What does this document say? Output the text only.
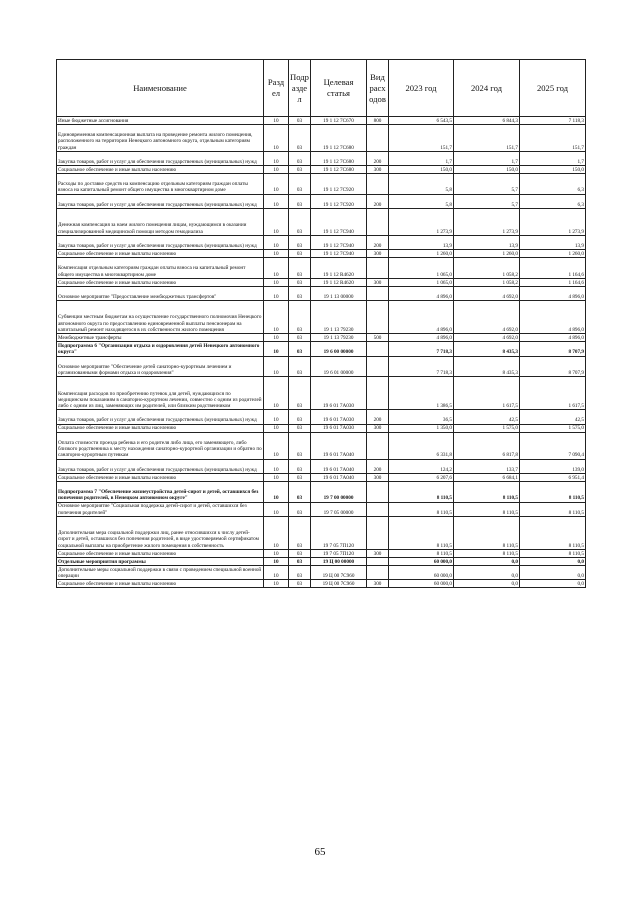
Наименование	Разд ел	Подр азде л	Целевая статья	Вид расх одов	2023 год	2024 год	2025 год
Иные бюджетные ассигнования	10	03	19 1 12 7С670	800	6 543,5	6 844,3	7 118,3
Единовременная компенсационная выплата на проведение ремонта жилого помещения, расположенного на территории Ненецкого автономного округа, отдельным категориям граждан	10	03	19 1 12 7С680		151,7	151,7	151,7
Закупка товаров, работ и услуг для обеспечения государственных (муниципальных) нужд	10	03	19 1 12 7С680	200	1,7	1,7	1,7
Социальное обеспечение и иные выплаты населению	10	03	19 1 12 7С680	300	150,0	150,0	150,0
Расходы по доставке средств на компенсацию отдельным категориям граждан оплаты взноса на капитальный ремонт общего имущества в многоквартирном доме	10	03	19 1 12 7С920		5,8	5,7	6,3
Закупка товаров, работ и услуг для обеспечения государственных (муниципальных) нужд	10	03	19 1 12 7С920	200	5,8	5,7	6,3
Денежная компенсация за наем жилого помещения лицам, нуждающимся в оказании специализированной медицинской помощи методом гемодиализа	10	03	19 1 12 7С940		1 273,9	1 273,9	1 273,9
Закупка товаров, работ и услуг для обеспечения государственных (муниципальных) нужд	10	03	19 1 12 7С940	200	13,9	13,9	13,9
Социальное обеспечение и иные выплаты населению	10	03	19 1 12 7С940	300	1 260,0	1 260,0	1 260,0
Компенсация отдельным категориям граждан оплаты взноса на капитальный ремонт общего имущества в многоквартирном доме	10	03	19 1 12 R4620		1 065,0	1 058,2	1 164,6
Социальное обеспечение и иные выплаты населению	10	03	19 1 12 R4620	300	1 065,0	1 058,2	1 164,6
Основное мероприятие "Предоставление межбюджетных трансфертов"	10	03	19 1 13 00000		4 896,0	4 692,0	4 896,0
Субвенции местным бюджетам на осуществление государственного полномочия Ненецкого автономного округа по предоставлению единовременной выплаты пенсионерам на капитальный ремонт находящегося в их собственности жилого помещения	10	03	19 1 13 79230		4 896,0	4 692,0	4 896,0
Межбюджетные трансферты	10	03	19 1 13 79230	500	4 896,0	4 692,0	4 896,0
Подпрограмма 6 "Организация отдыха и оздоровления детей Ненецкого автономного округа"	10	03	19 6 00 00000		7 718,3	8 435,3	8 707,9
Основное мероприятие "Обеспечение детей санаторно-курортным лечением и организованными формами отдыха и оздоровления"	10	03	19 6 01 00000		7 718,3	8 435,3	8 707,9
Компенсация расходов по приобретению путевок для детей, нуждающихся по медицинским показаниям в санаторно-курортном лечении, совместно с одним из родителей либо с одним из лиц, заменяющих им родителей, или близким родственником	10	03	19 6 01 7А030		1 386,5	1 617,5	1 617,5
Закупка товаров, работ и услуг для обеспечения государственных (муниципальных) нужд	10	03	19 6 01 7А030	200	36,5	42,5	42,5
Социальное обеспечение и иные выплаты населению	10	03	19 6 01 7А030	300	1 350,0	1 575,0	1 575,0
Оплата стоимости проезда ребенка и его родителя либо лица, его заменяющего, либо близкого родственника к месту нахождения санаторно-курортной организации и обратно по санаторно-курортным путевкам	10	03	19 6 01 7А040		6 331,8	6 817,8	7 090,4
Закупка товаров, работ и услуг для обеспечения государственных (муниципальных) нужд	10	03	19 6 01 7А040	200	124,2	133,7	139,0
Социальное обеспечение и иные выплаты населению	10	03	19 6 01 7А040	300	6 207,6	6 684,1	6 951,4
Подпрограмма 7 "Обеспечение жизнеустройства детей-сирот и детей, оставшихся без попечения родителей, в Ненецком автономном округе"	10	03	19 7 00 00000		8 110,5	8 110,5	8 110,5
Основное мероприятие "Социальная поддержка детей-сирот и детей, оставшихся без попечения родителей"	10	03	19 7 05 00000		8 110,5	8 110,5	8 110,5
Дополнительная мера социальной поддержки лиц, ранее относившихся к числу детей-сирот и детей, оставшихся без попечения родителей, в виде удостоверяемой сертификатом социальной выплаты на приобретение жилого помещения в собственность	10	03	19 7 05 7П120		8 110,5	8 110,5	8 110,5
Социальное обеспечение и иные выплаты населению	10	03	19 7 05 7П120	300	8 110,5	8 110,5	8 110,5
Отдельные мероприятия программы	10	03	19 Ц 00 00000		60 000,0	0,0	0,0
Дополнительные меры социальной поддержки в связи с проведением специальной военной операции	10	03	19 Ц 00 7С960		60 000,0	0,0	0,0
Социальное обеспечение и иные выплаты населению	10	03	19 Ц 00 7С960	300	60 000,0	0,0	0,0
65
